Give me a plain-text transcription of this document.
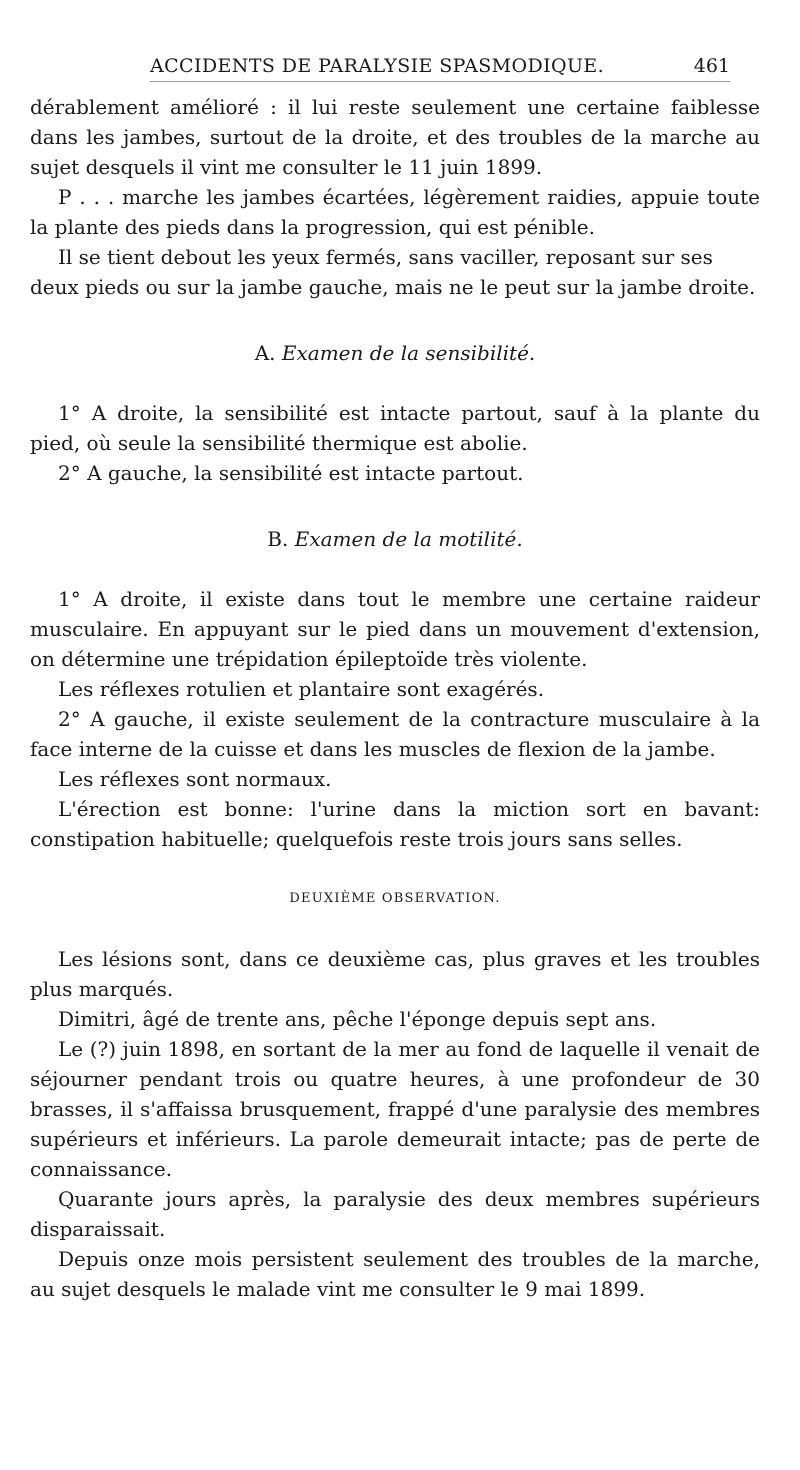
ACCIDENTS DE PARALYSIE SPASMODIQUE.	461

dérablement amélioré : il lui reste seulement une certaine faiblesse dans les jambes, surtout de la droite, et des troubles de la marche au sujet desquels il vint me consulter le 11 juin 1899.

P . . . marche les jambes écartées, légèrement raidies, appuie toute la plante des pieds dans la progression, qui est pénible.

Il se tient debout les yeux fermés, sans vaciller, reposant sur ses deux pieds ou sur la jambe gauche, mais ne le peut sur la jambe droite.

A. Examen de la sensibilité.

1° A droite, la sensibilité est intacte partout, sauf à la plante du pied, où seule la sensibilité thermique est abolie.

2° A gauche, la sensibilité est intacte partout.

B. Examen de la motilité.

1° A droite, il existe dans tout le membre une certaine raideur musculaire. En appuyant sur le pied dans un mouvement d'extension, on détermine une trépidation épileptoïde très violente.

Les réflexes rotulien et plantaire sont exagérés.

2° A gauche, il existe seulement de la contracture musculaire à la face interne de la cuisse et dans les muscles de flexion de la jambe.

Les réflexes sont normaux.

L'érection est bonne: l'urine dans la miction sort en bavant: constipation habituelle; quelquefois reste trois jours sans selles.

DEUXIÈME OBSERVATION.

Les lésions sont, dans ce deuxième cas, plus graves et les troubles plus marqués.

Dimitri, âgé de trente ans, pêche l'éponge depuis sept ans.

Le (?) juin 1898, en sortant de la mer au fond de laquelle il venait de séjourner pendant trois ou quatre heures, à une profondeur de 30 brasses, il s'affaissa brusquement, frappé d'une paralysie des membres supérieurs et inférieurs. La parole demeurait intacte; pas de perte de connaissance.

Quarante jours après, la paralysie des deux membres supérieurs disparaissait.

Depuis onze mois persistent seulement des troubles de la marche, au sujet desquels le malade vint me consulter le 9 mai 1899.
